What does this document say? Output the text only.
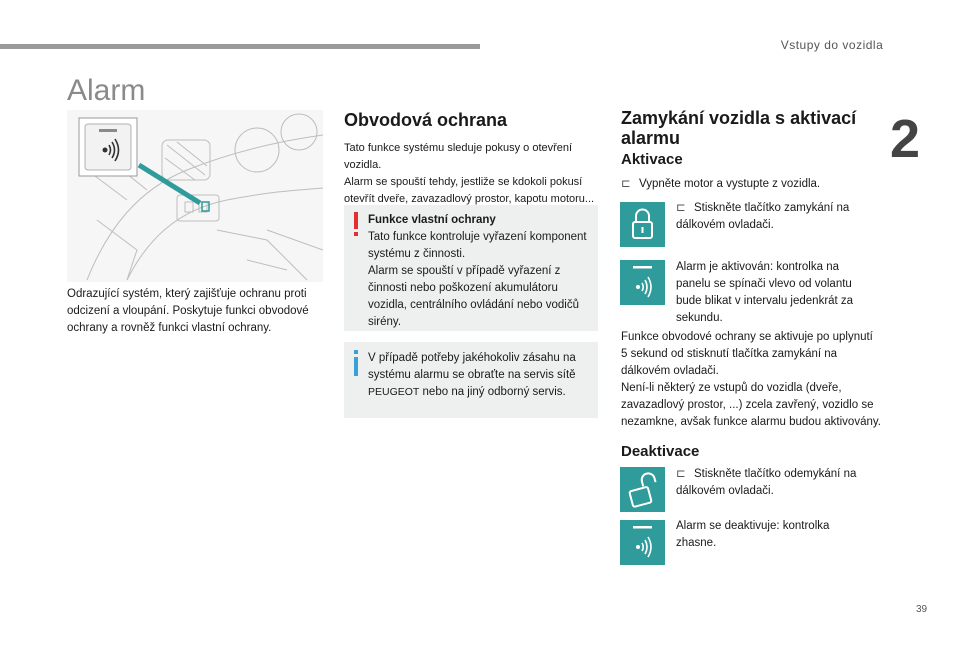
Vstupy do vozidla
2
Alarm

Odrazující systém, který zajišťuje ochranu proti odcizení a vloupání. Poskytuje funkci obvodové ochrany a rovněž funkci vlastní ochrany.

Obvodová ochrana

Tato funkce systému sleduje pokusy o otevření vozidla.

Alarm se spouští tehdy, jestliže se kdokoli pokusí otevřít dveře, zavazadlový prostor, kapotu motoru...

Funkce vlastní ochrany

Tato funkce kontroluje vyřazení komponent systému z činnosti.

Alarm se spouští v případě vyřazení z činnosti nebo poškození akumulátoru vozidla, centrálního ovládání nebo vodičů sirény.

V případě potřeby jakéhokoliv zásahu na systému alarmu se obraťte na servis sítě PEUGEOT nebo na jiný odborný servis.

Zamykání vozidla s aktivací alarmu
Aktivace

⊏ Vypněte motor a vystupte z vozidla.

⊏ Stiskněte tlačítko zamykání na dálkovém ovladači.

Alarm je aktivován: kontrolka na panelu se spínači vlevo od volantu bude blikat v intervalu jedenkrát za sekundu.

Funkce obvodové ochrany se aktivuje po uplynutí 5 sekund od stisknutí tlačítka zamykání na dálkovém ovladači.

Není-li některý ze vstupů do vozidla (dveře, zavazadlový prostor, ...) zcela zavřený, vozidlo se nezamkne, avšak funkce alarmu budou aktivovány.

Deaktivace

⊏ Stiskněte tlačítko odemykání na dálkovém ovladači.

Alarm se deaktivuje: kontrolka zhasne.

39
